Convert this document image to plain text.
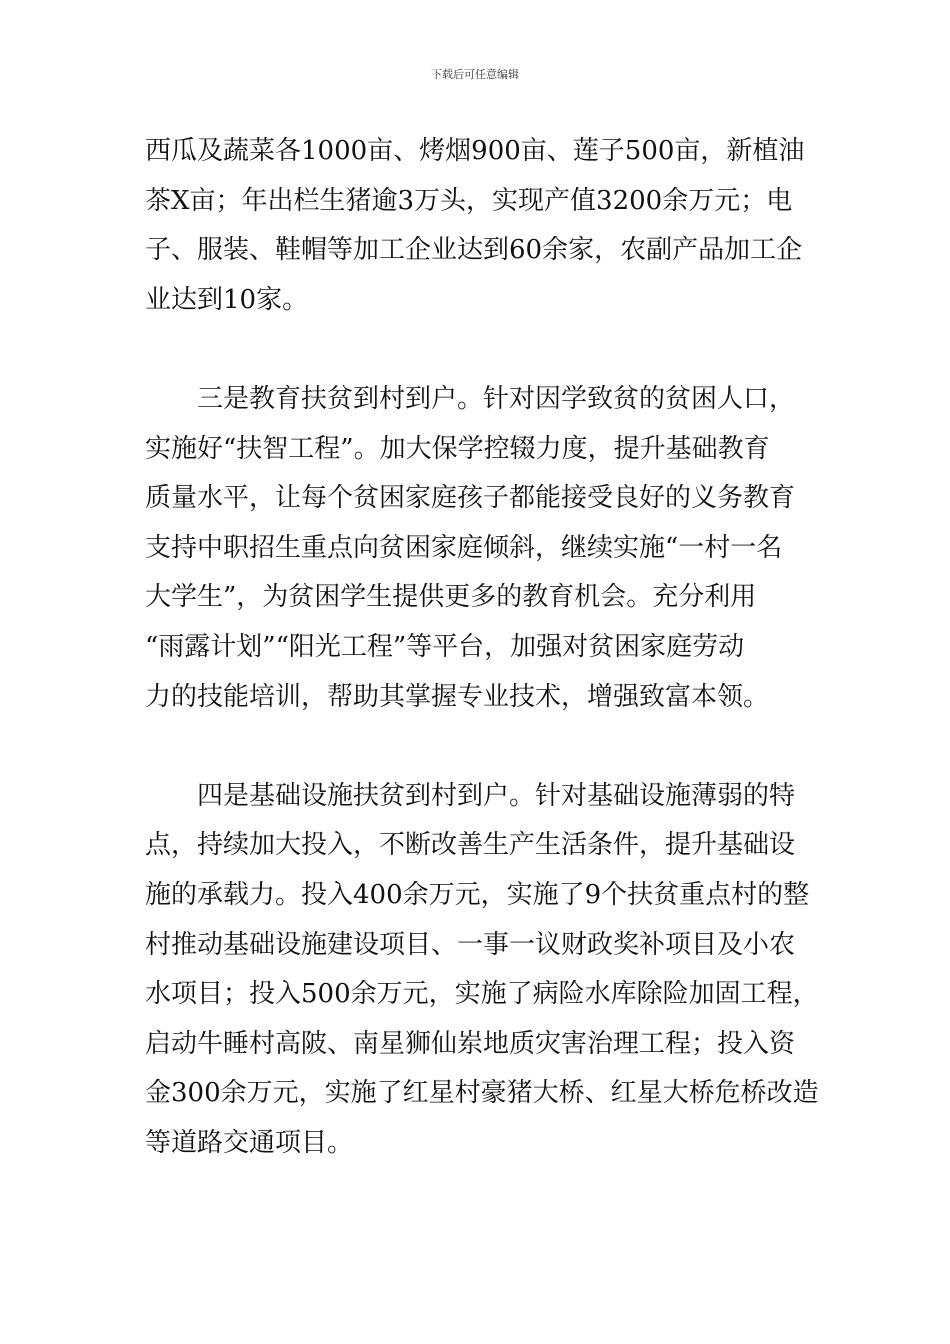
下载后可任意编辑
西瓜及蔬菜各1000亩、烤烟900亩、莲子500亩，新植油
茶X亩；年出栏生猪逾3万头，实现产值3200余万元；电
子、服装、鞋帽等加工企业达到60余家，农副产品加工企
业达到10家。
三是教育扶贫到村到户。针对因学致贫的贫困人口，
实施好“扶智工程”。加大保学控辍力度，提升基础教育
质量水平，让每个贫困家庭孩子都能接受良好的义务教育
支持中职招生重点向贫困家庭倾斜，继续实施“一村一名
大学生”，为贫困学生提供更多的教育机会。充分利用
“雨露计划”“阳光工程”等平台，加强对贫困家庭劳动
力的技能培训，帮助其掌握专业技术，增强致富本领。
四是基础设施扶贫到村到户。针对基础设施薄弱的特
点，持续加大投入，不断改善生产生活条件，提升基础设
施的承载力。投入400余万元，实施了9个扶贫重点村的整
村推动基础设施建设项目、一事一议财政奖补项目及小农
水项目；投入500余万元，实施了病险水库除险加固工程，
启动牛睡村高陂、南星狮仙岽地质灾害治理工程；投入资
金300余万元，实施了红星村豪猪大桥、红星大桥危桥改造
等道路交通项目。
